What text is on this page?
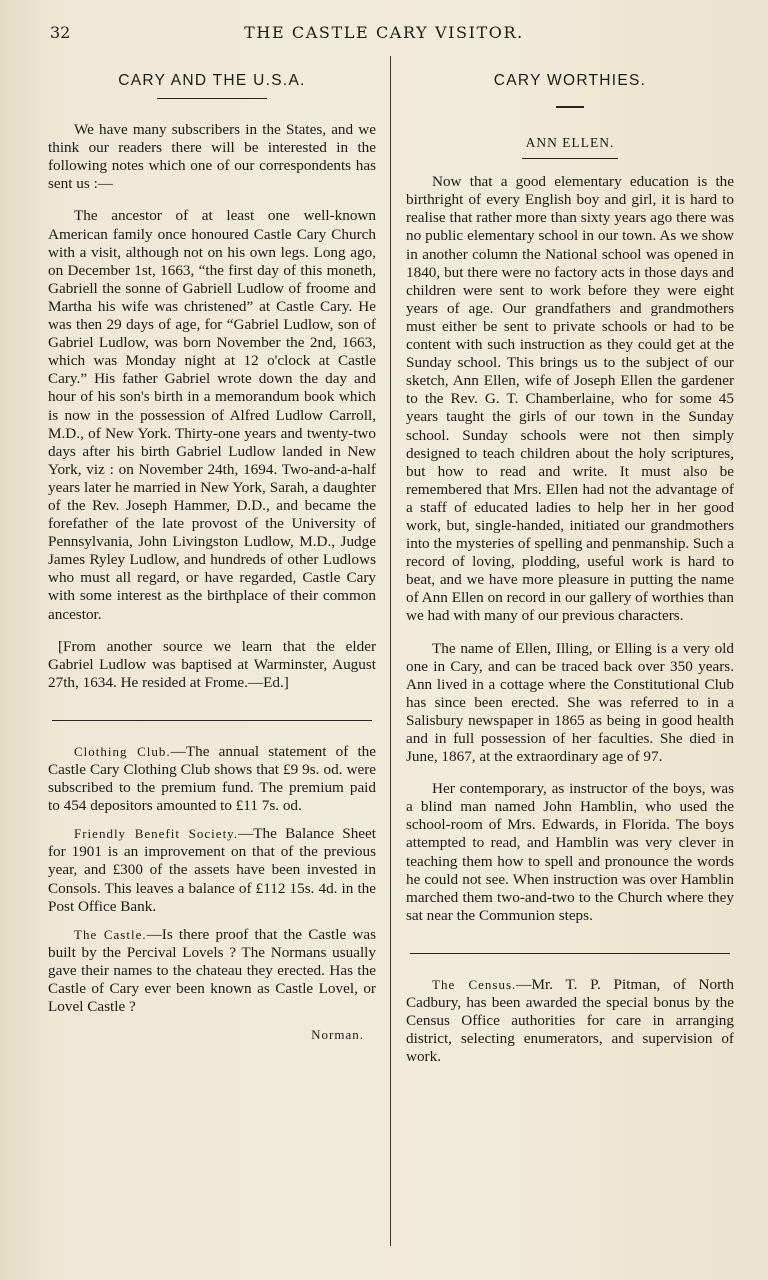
32	THE CASTLE CARY VISITOR.
CARY AND THE U.S.A.

We have many subscribers in the States, and we think our readers there will be interested in the following notes which one of our correspondents has sent us :—

The ancestor of at least one well-known American family once honoured Castle Cary Church with a visit, although not on his own legs. Long ago, on December 1st, 1663, “the first day of this moneth, Gabriell the sonne of Gabriell Ludlow of froome and Martha his wife was christened” at Castle Cary. He was then 29 days of age, for “Gabriel Ludlow, son of Gabriel Ludlow, was born November the 2nd, 1663, which was Monday night at 12 o'clock at Castle Cary.” His father Gabriel wrote down the day and hour of his son's birth in a memorandum book which is now in the possession of Alfred Ludlow Carroll, M.D., of New York. Thirty-one years and twenty-two days after his birth Gabriel Ludlow landed in New York, viz : on November 24th, 1694. Two-and-a-half years later he married in New York, Sarah, a daughter of the Rev. Joseph Hammer, D.D., and became the forefather of the late provost of the University of Pennsylvania, John Livingston Ludlow, M.D., Judge James Ryley Ludlow, and hundreds of other Ludlows who must all regard, or have regarded, Castle Cary with some interest as the birthplace of their common ancestor.

[From another source we learn that the elder Gabriel Ludlow was baptised at Warminster, August 27th, 1634. He resided at Frome.—Ed.]

Clothing Club.—The annual statement of the Castle Cary Clothing Club shows that £9 9s. od. were subscribed to the premium fund. The premium paid to 454 depositors amounted to £11 7s. od.

Friendly Benefit Society.—The Balance Sheet for 1901 is an improvement on that of the previous year, and £300 of the assets have been invested in Consols. This leaves a balance of £112 15s. 4d. in the Post Office Bank.

The Castle.—Is there proof that the Castle was built by the Percival Lovels ? The Normans usually gave their names to the chateau they erected. Has the Castle of Cary ever been known as Castle Lovel, or Lovel Castle ?

Norman.
CARY WORTHIES.
ANN ELLEN.

Now that a good elementary education is the birthright of every English boy and girl, it is hard to realise that rather more than sixty years ago there was no public elementary school in our town. As we show in another column the National school was opened in 1840, but there were no factory acts in those days and children were sent to work before they were eight years of age. Our grandfathers and grandmothers must either be sent to private schools or had to be content with such instruction as they could get at the Sunday school. This brings us to the subject of our sketch, Ann Ellen, wife of Joseph Ellen the gardener to the Rev. G. T. Chamberlaine, who for some 45 years taught the girls of our town in the Sunday school. Sunday schools were not then simply designed to teach children about the holy scriptures, but how to read and write. It must also be remembered that Mrs. Ellen had not the advantage of a staff of educated ladies to help her in her good work, but, single-handed, initiated our grandmothers into the mysteries of spelling and penmanship. Such a record of loving, plodding, useful work is hard to beat, and we have more pleasure in putting the name of Ann Ellen on record in our gallery of worthies than we had with many of our previous characters.

The name of Ellen, Illing, or Elling is a very old one in Cary, and can be traced back over 350 years. Ann lived in a cottage where the Constitutional Club has since been erected. She was referred to in a Salisbury newspaper in 1865 as being in good health and in full possession of her faculties. She died in June, 1867, at the extraordinary age of 97.

Her contemporary, as instructor of the boys, was a blind man named John Hamblin, who used the school-room of Mrs. Edwards, in Florida. The boys attempted to read, and Hamblin was very clever in teaching them how to spell and pronounce the words he could not see. When instruction was over Hamblin marched them two-and-two to the Church where they sat near the Communion steps.

The Census.—Mr. T. P. Pitman, of North Cadbury, has been awarded the special bonus by the Census Office authorities for care in arranging district, selecting enumerators, and supervision of work.
